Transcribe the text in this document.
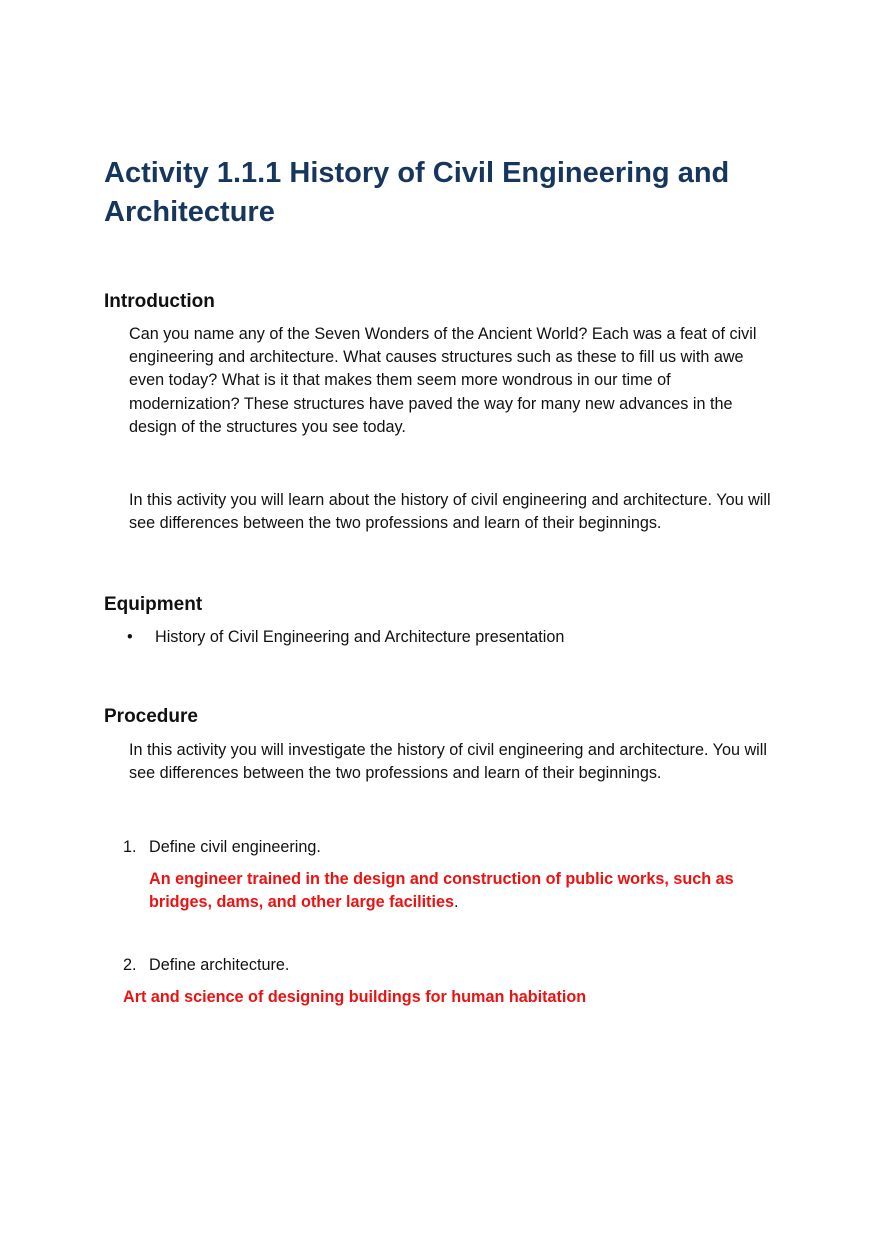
Activity 1.1.1 History of Civil Engineering and Architecture
Introduction

Can you name any of the Seven Wonders of the Ancient World? Each was a feat of civil engineering and architecture. What causes structures such as these to fill us with awe even today? What is it that makes them seem more wondrous in our time of modernization? These structures have paved the way for many new advances in the design of the structures you see today.

In this activity you will learn about the history of civil engineering and architecture. You will see differences between the two professions and learn of their beginnings.

Equipment
• History of Civil Engineering and Architecture presentation
Procedure

In this activity you will investigate the history of civil engineering and architecture. You will see differences between the two professions and learn of their beginnings.

1. Define civil engineering.

An engineer trained in the design and construction of public works, such as bridges, dams, and other large facilities.

2. Define architecture.

Art and science of designing buildings for human habitation
